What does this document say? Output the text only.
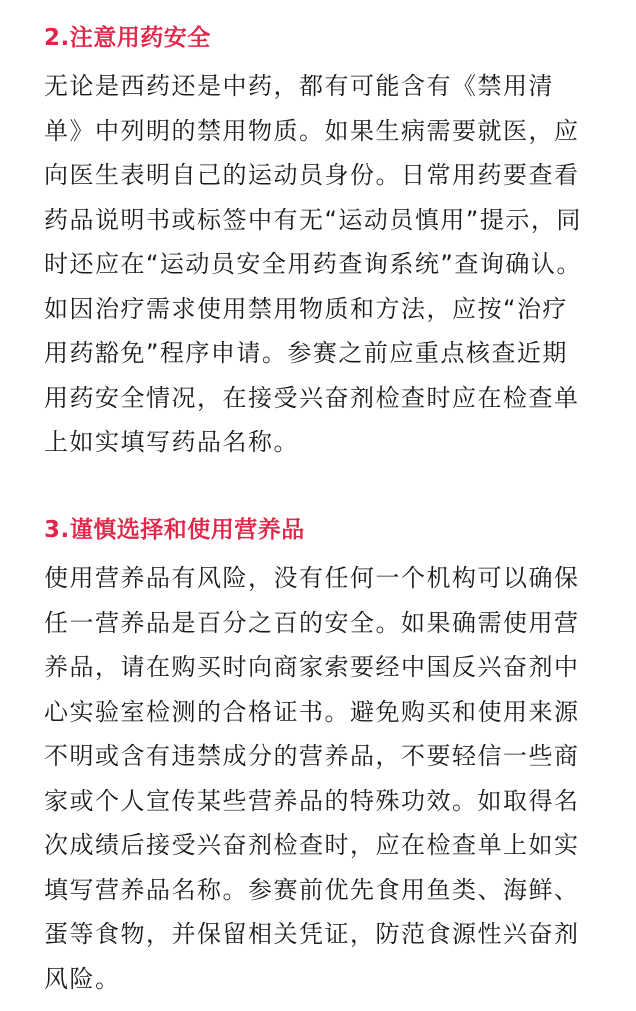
2.注意用药安全

无论是西药还是中药，都有可能含有《禁用清
单》中列明的禁用物质。如果生病需要就医，应
向医生表明自己的运动员身份。日常用药要查看
药品说明书或标签中有无“运动员慎用”提示，同
时还应在“运动员安全用药查询系统”查询确认。
如因治疗需求使用禁用物质和方法，应按“治疗
用药豁免”程序申请。参赛之前应重点核查近期
用药安全情况，在接受兴奋剂检查时应在检查单
上如实填写药品名称。

3.谨慎选择和使用营养品

使用营养品有风险，没有任何一个机构可以确保
任一营养品是百分之百的安全。如果确需使用营
养品，请在购买时向商家索要经中国反兴奋剂中
心实验室检测的合格证书。避免购买和使用来源
不明或含有违禁成分的营养品，不要轻信一些商
家或个人宣传某些营养品的特殊功效。如取得名
次成绩后接受兴奋剂检查时，应在检查单上如实
填写营养品名称。参赛前优先食用鱼类、海鲜、
蛋等食物，并保留相关凭证，防范食源性兴奋剂
风险。
